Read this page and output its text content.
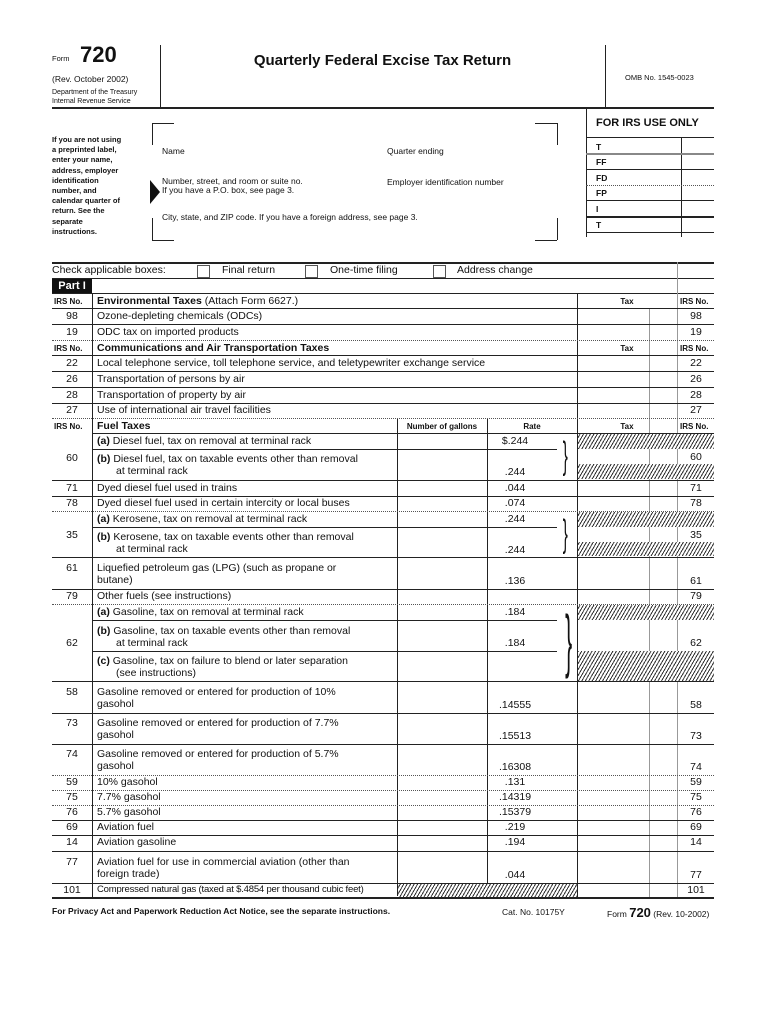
Form 720
(Rev. October 2002)
Department of the Treasury
Internal Revenue Service
Quarterly Federal Excise Tax Return
OMB No. 1545-0023
If you are not using
a preprinted label,
enter your name,
address, employer
identification
number, and
calendar quarter of
return. See the
separate
instructions.
Name	Quarter ending
Number, street, and room or suite no.
If you have a P.O. box, see page 3.
Employer identification number
City, state, and ZIP code. If you have a foreign address, see page 3.
FOR IRS USE ONLY
T
FF
FD
FP
I
T
Check applicable boxes:	Final return	One-time filing	Address change
Part I
IRS No. Environmental Taxes (Attach Form 6627.)	Tax	IRS No.
98	Ozone-depleting chemicals (ODCs)	98
19	ODC tax on imported products	19
IRS No. Communications and Air Transportation Taxes	Tax	IRS No.
22	Local telephone service, toll telephone service, and teletypewriter exchange service	22
26	Transportation of persons by air	26
28	Transportation of property by air	28
27	Use of international air travel facilities	27
IRS No. Fuel Taxes	Number of gallons	Rate	Tax	IRS No.
60
(a) Diesel fuel, tax on removal at terminal rack	$.244
(b) Diesel fuel, tax on taxable events other than removal
at terminal rack	.244 }	60
71	Dyed diesel fuel used in trains	.044	71
78	Dyed diesel fuel used in certain intercity or local buses	.074	78
35
(a) Kerosene, tax on removal at terminal rack	.244
(b) Kerosene, tax on taxable events other than removal
at terminal rack	.244 }	35
61	Liquefied petroleum gas (LPG) (such as propane or
butane)	.136	61
79	Other fuels (see instructions)	79
62
(a) Gasoline, tax on removal at terminal rack	.184
(b) Gasoline, tax on taxable events other than removal
at terminal rack	.184
(c) Gasoline, tax on failure to blend or later separation
(see instructions)	}	62
58	Gasoline removed or entered for production of 10%
gasohol	.14555	58
73	Gasoline removed or entered for production of 7.7%
gasohol	.15513	73
74	Gasoline removed or entered for production of 5.7%
gasohol	.16308	74
59	10% gasohol	.131	59
75	7.7% gasohol	.14319	75
76	5.7% gasohol	.15379	76
69	Aviation fuel	.219	69
14	Aviation gasoline	.194	14
77	Aviation fuel for use in commercial aviation (other than
foreign trade)	.044	77
101	Compressed natural gas (taxed at $.4854 per thousand cubic feet)	101
For Privacy Act and Paperwork Reduction Act Notice, see the separate instructions.	Cat. No. 10175Y	Form 720 (Rev. 10-2002)
